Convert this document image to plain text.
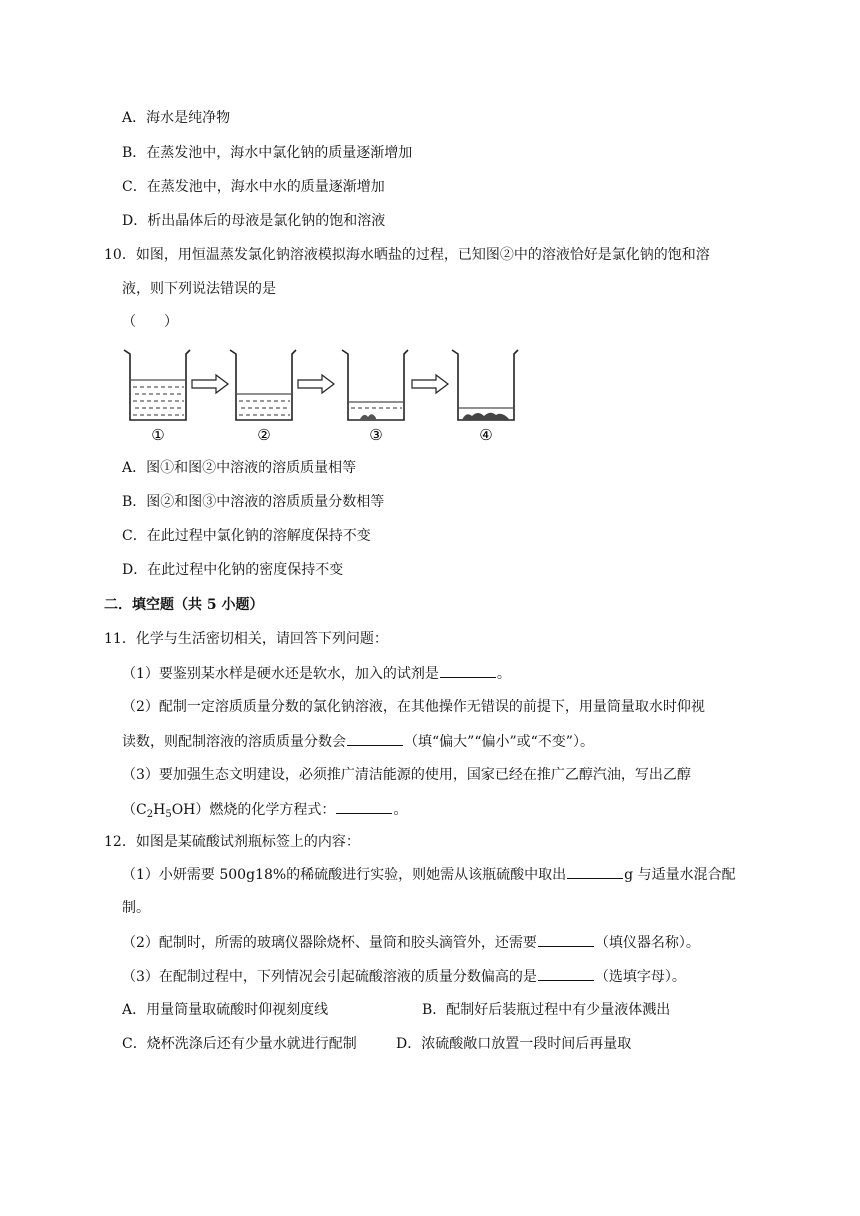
A．海水是纯净物
B．在蒸发池中，海水中氯化钠的质量逐渐增加
C．在蒸发池中，海水中水的质量逐渐增加
D．析出晶体后的母液是氯化钠的饱和溶液
10．如图，用恒温蒸发氯化钠溶液模拟海水晒盐的过程，已知图②中的溶液恰好是氯化钠的饱和溶
液，则下列说法错误的是
（　　）
①	②	③	④
A．图①和图②中溶液的溶质质量相等
B．图②和图③中溶液的溶质质量分数相等
C．在此过程中氯化钠的溶解度保持不变
D．在此过程中化钠的密度保持不变
二．填空题（共 5 小题）
11．化学与生活密切相关，请回答下列问题：
（1）要鉴别某水样是硬水还是软水，加入的试剂是	。
（2）配制一定溶质质量分数的氯化钠溶液，在其他操作无错误的前提下，用量筒量取水时仰视
读数，则配制溶液的溶质质量分数会	（填“偏大”“偏小”或“不变”）。
（3）要加强生态文明建设，必须推广清洁能源的使用，国家已经在推广乙醇汽油，写出乙醇
$(C_2H_5OH)$燃烧的化学方程式：	。
12．如图是某硫酸试剂瓶标签上的内容：
（1）小妍需要 500g18%的稀硫酸进行实验，则她需从该瓶硫酸中取出	g 与适量水混合配
制。
（2）配制时，所需的玻璃仪器除烧杯、量筒和胶头滴管外，还需要	（填仪器名称）。
（3）在配制过程中，下列情况会引起硫酸溶液的质量分数偏高的是	（选填字母）。
A．用量筒量取硫酸时仰视刻度线	B．配制好后装瓶过程中有少量液体溅出
C．烧杯洗涤后还有少量水就进行配制	D．浓硫酸敞口放置一段时间后再量取
